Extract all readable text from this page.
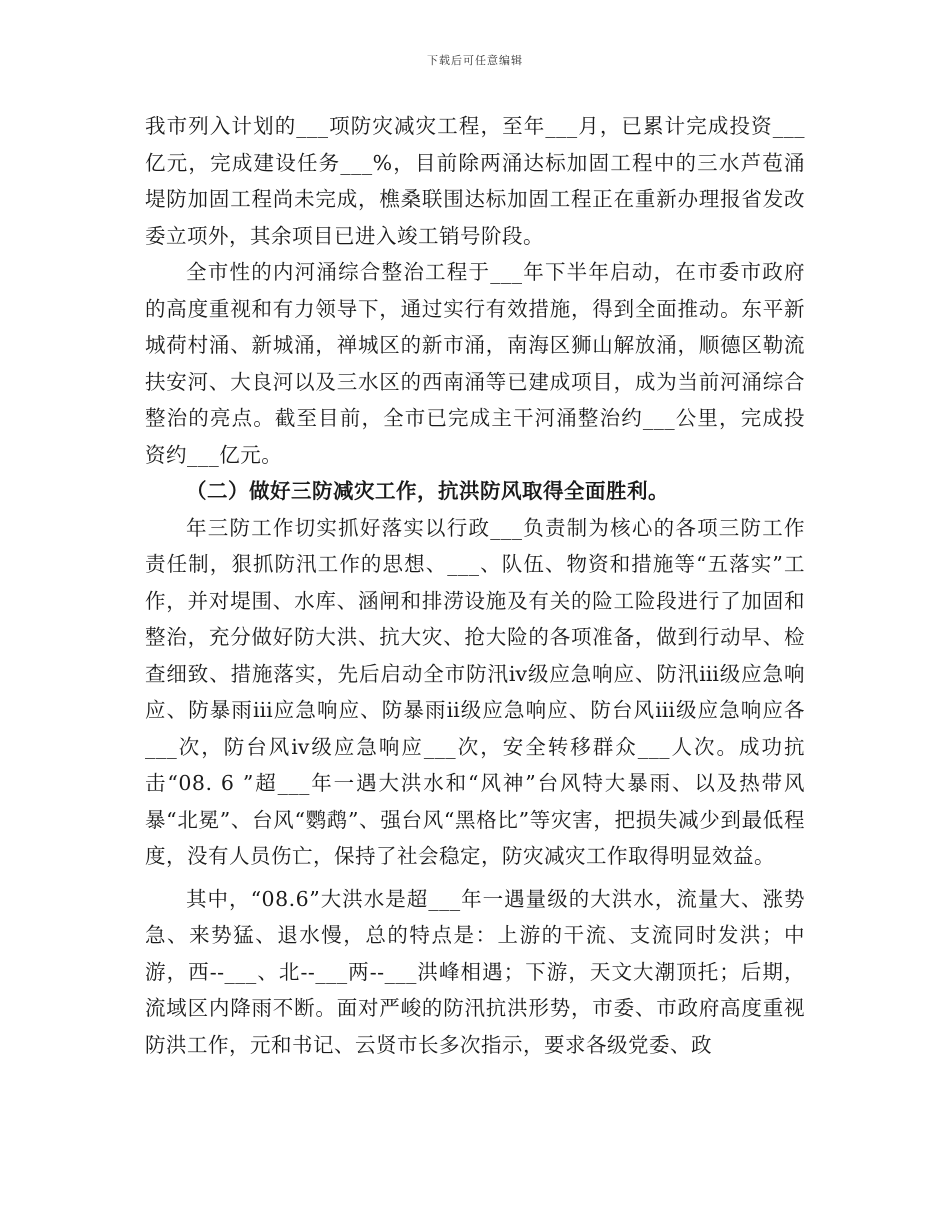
下载后可任意编辑

我市列入计划的___项防灾减灾工程，至年___月，已累计完成投资___亿元，完成建设任务___%，目前除两涌达标加固工程中的三水芦苞涌堤防加固工程尚未完成，樵桑联围达标加固工程正在重新办理报省发改委立项外，其余项目已进入竣工销号阶段。

全市性的内河涌综合整治工程于___年下半年启动，在市委市政府的高度重视和有力领导下，通过实行有效措施，得到全面推动。东平新城荷村涌、新城涌，禅城区的新市涌，南海区狮山解放涌，顺德区勒流扶安河、大良河以及三水区的西南涌等已建成项目，成为当前河涌综合整治的亮点。截至目前，全市已完成主干河涌整治约___公里，完成投资约___亿元。

（二）做好三防减灾工作，抗洪防风取得全面胜利。

年三防工作切实抓好落实以行政___负责制为核心的各项三防工作责任制，狠抓防汛工作的思想、___、队伍、物资和措施等“五落实”工作，并对堤围、水库、涵闸和排涝设施及有关的险工险段进行了加固和整治，充分做好防大洪、抗大灾、抢大险的各项准备，做到行动早、检查细致、措施落实，先后启动全市防汛ⅳ级应急响应、防汛ⅲ级应急响应、防暴雨ⅲ应急响应、防暴雨ⅱ级应急响应、防台风ⅲ级应急响应各___次，防台风ⅳ级应急响应___次，安全转移群众___人次。成功抗击“08. 6 ”超___年一遇大洪水和“风神”台风特大暴雨、以及热带风暴“北冕”、台风“鹦鹉”、强台风“黑格比”等灾害，把损失减少到最低程度，没有人员伤亡，保持了社会稳定，防灾减灾工作取得明显效益。

其中，“08.6”大洪水是超___年一遇量级的大洪水，流量大、涨势急、来势猛、退水慢，总的特点是：上游的干流、支流同时发洪；中游，西--___、北--___两--___洪峰相遇；下游，天文大潮顶托；后期，流域区内降雨不断。面对严峻的防汛抗洪形势，市委、市政府高度重视防洪工作，元和书记、云贤市长多次指示，要求各级党委、政
